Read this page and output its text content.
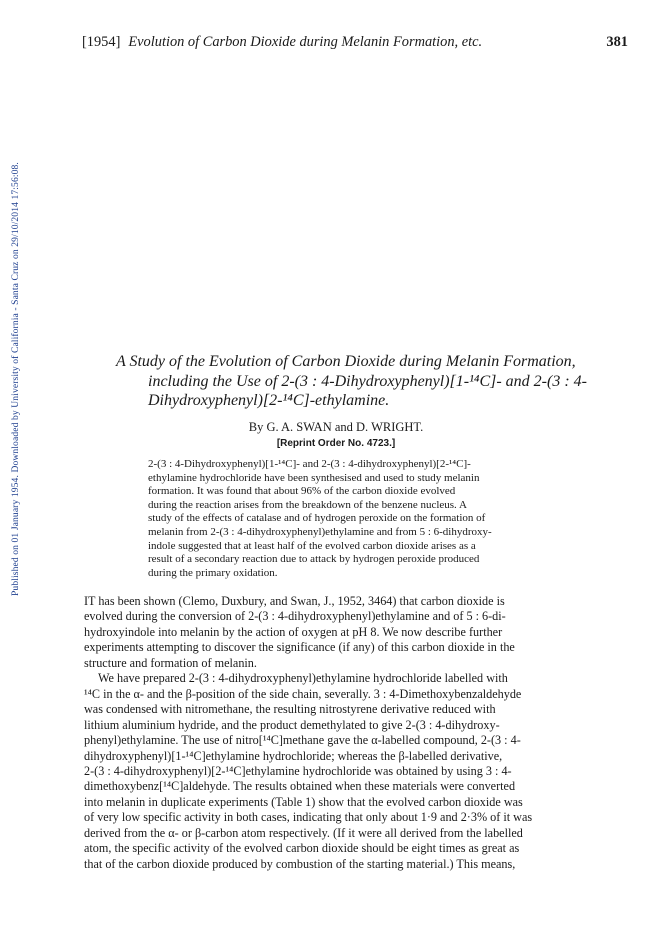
Published on 01 January 1954. Downloaded by University of California - Santa Cruz on 29/10/2014 17:56:08.
[1954] Evolution of Carbon Dioxide during Melanin Formation, etc.	381
A Study of the Evolution of Carbon Dioxide during Melanin Formation,
including the Use of 2-(3 : 4-Dihydroxyphenyl)[1-¹⁴C]- and 2-(3 : 4-
Dihydroxyphenyl)[2-¹⁴C]-ethylamine.
By G. A. SWAN and D. WRIGHT.
[Reprint Order No. 4723.]
2-(3 : 4-Dihydroxyphenyl)[1-¹⁴C]- and 2-(3 : 4-dihydroxyphenyl)[2-¹⁴C]-
ethylamine hydrochloride have been synthesised and used to study melanin
formation. It was found that about 96% of the carbon dioxide evolved
during the reaction arises from the breakdown of the benzene nucleus. A
study of the effects of catalase and of hydrogen peroxide on the formation of
melanin from 2-(3 : 4-dihydroxyphenyl)ethylamine and from 5 : 6-dihydroxy-
indole suggested that at least half of the evolved carbon dioxide arises as a
result of a secondary reaction due to attack by hydrogen peroxide produced
during the primary oxidation.
IT has been shown (Clemo, Duxbury, and Swan, J., 1952, 3464) that carbon dioxide is
evolved during the conversion of 2-(3 : 4-dihydroxyphenyl)ethylamine and of 5 : 6-di-
hydroxyindole into melanin by the action of oxygen at pH 8. We now describe further
experiments attempting to discover the significance (if any) of this carbon dioxide in the
structure and formation of melanin.
We have prepared 2-(3 : 4-dihydroxyphenyl)ethylamine hydrochloride labelled with
¹⁴C in the α- and the β-position of the side chain, severally. 3 : 4-Dimethoxybenzaldehyde
was condensed with nitromethane, the resulting nitrostyrene derivative reduced with
lithium aluminium hydride, and the product demethylated to give 2-(3 : 4-dihydroxy-
phenyl)ethylamine. The use of nitro[¹⁴C]methane gave the α-labelled compound, 2-(3 : 4-
dihydroxyphenyl)[1-¹⁴C]ethylamine hydrochloride; whereas the β-labelled derivative,
2-(3 : 4-dihydroxyphenyl)[2-¹⁴C]ethylamine hydrochloride was obtained by using 3 : 4-
dimethoxybenz[¹⁴C]aldehyde. The results obtained when these materials were converted
into melanin in duplicate experiments (Table 1) show that the evolved carbon dioxide was
of very low specific activity in both cases, indicating that only about 1·9 and 2·3% of it was
derived from the α- or β-carbon atom respectively. (If it were all derived from the labelled
atom, the specific activity of the evolved carbon dioxide should be eight times as great as
that of the carbon dioxide produced by combustion of the starting material.) This means,
